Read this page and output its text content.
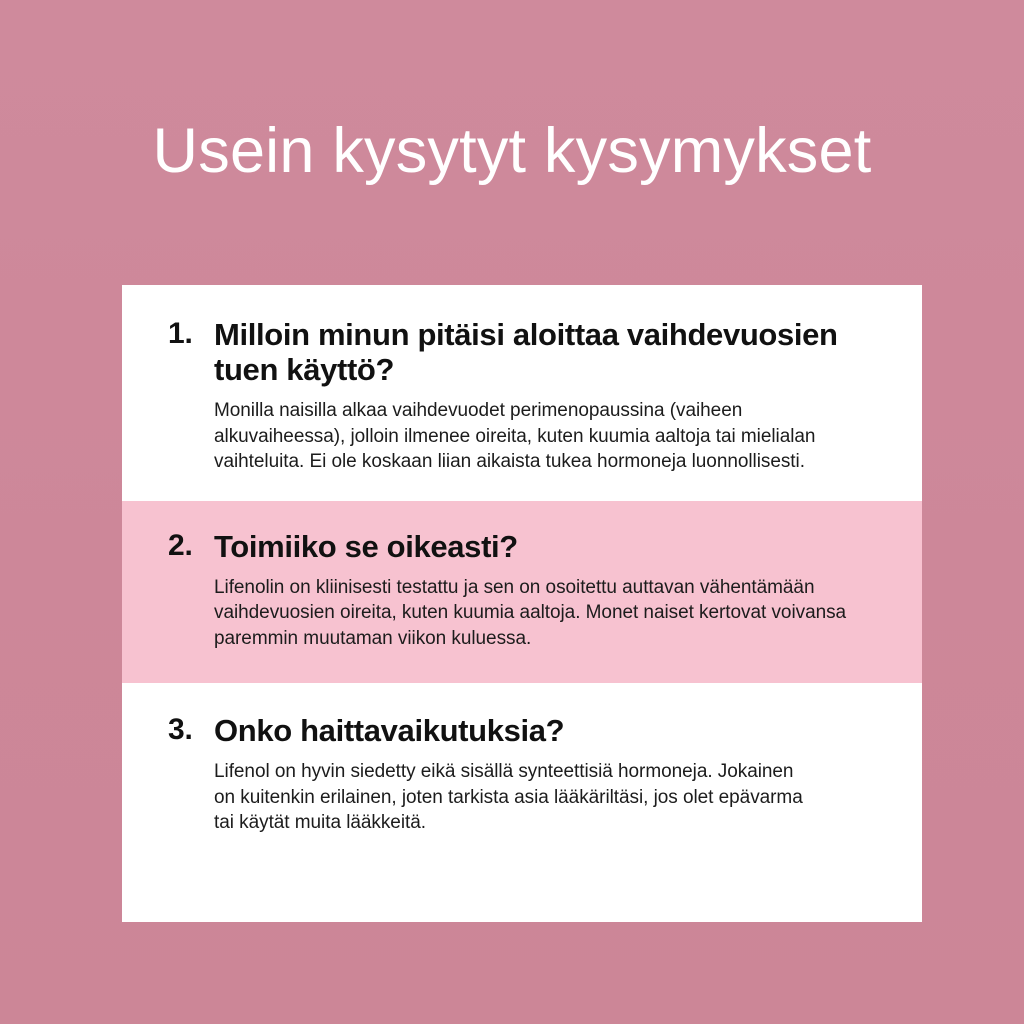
Usein kysytyt kysymykset
1. Milloin minun pitäisi aloittaa vaihdevuosien tuen käyttö?
Monilla naisilla alkaa vaihdevuodet perimenopaussina (vaiheen alkuvaiheessa), jolloin ilmenee oireita, kuten kuumia aaltoja tai mielialan vaihteluita. Ei ole koskaan liian aikaista tukea hormoneja luonnollisesti.
2. Toimiiko se oikeasti?
Lifenolin on kliinisesti testattu ja sen on osoitettu auttavan vähentämään vaihdevuosien oireita, kuten kuumia aaltoja. Monet naiset kertovat voivansa paremmin muutaman viikon kuluessa.
3. Onko haittavaikutuksia?
Lifenol on hyvin siedetty eikä sisällä synteettisiä hormoneja. Jokainen on kuitenkin erilainen, joten tarkista asia lääkäriltäsi, jos olet epävarma tai käytät muita lääkkeitä.
